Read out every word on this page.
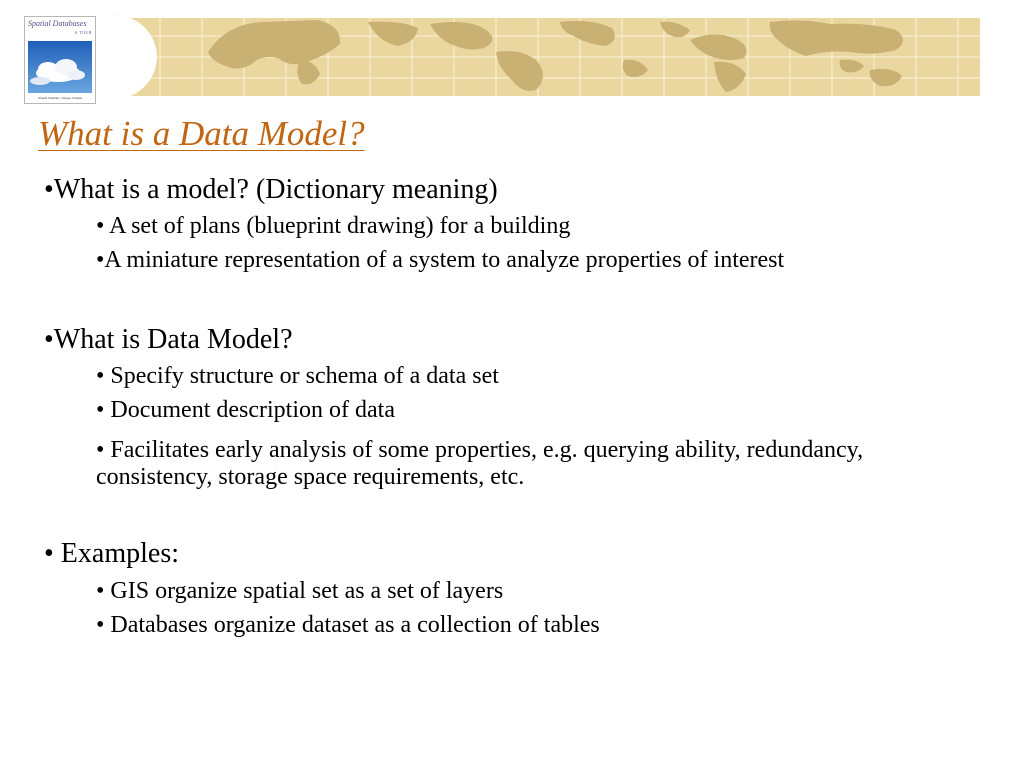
Spatial Databases
A TOUR
Shashi Shekhar • Sanjay Chawla
What is a Data Model?
•What is a model? (Dictionary meaning)
• A set of plans (blueprint drawing) for a building
•A miniature representation of a system to analyze properties of interest
•What is Data Model?
• Specify structure or schema of a data set
• Document description of data
• Facilitates early analysis of some properties, e.g. querying ability, redundancy, consistency, storage space requirements, etc.
• Examples:
• GIS organize spatial set as a set of layers
• Databases organize dataset as a collection of tables
